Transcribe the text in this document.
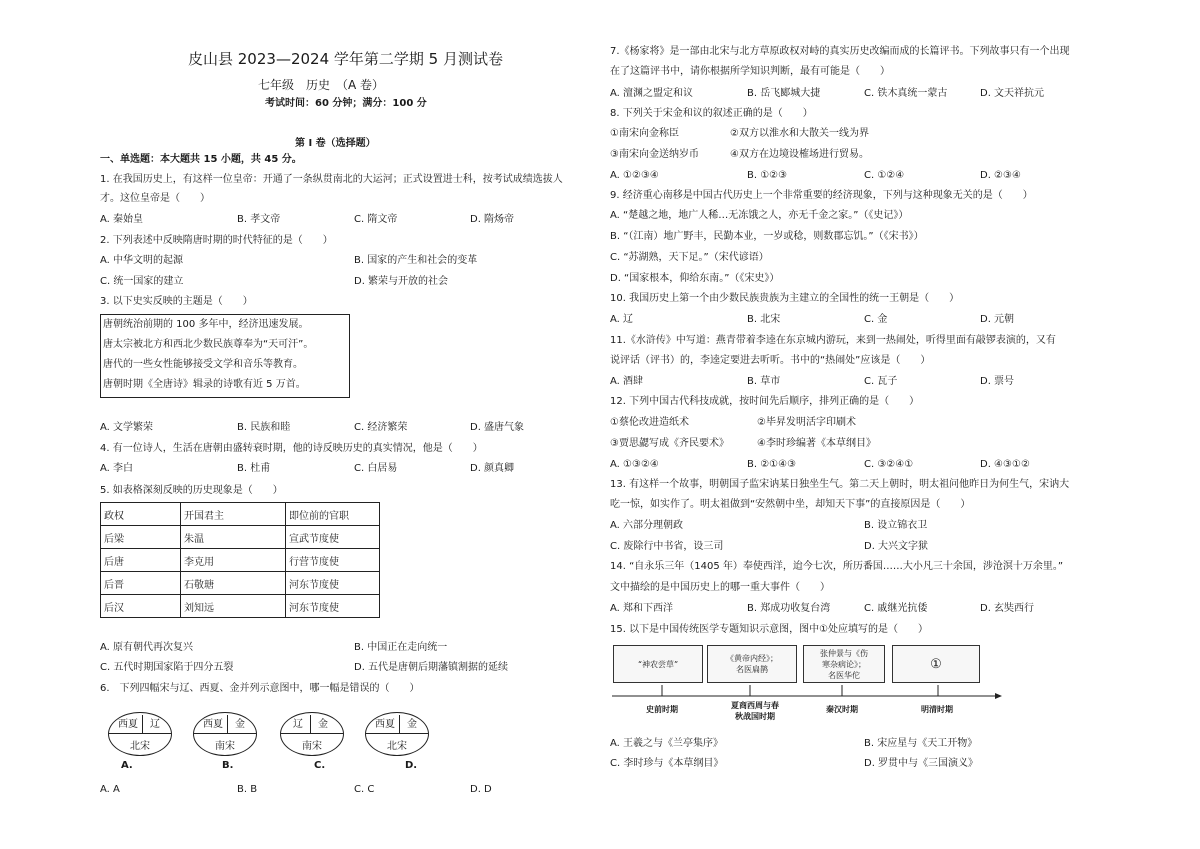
皮山县 2023—2024 学年第二学期 5 月测试卷
七年级　历史　（A 卷）
考试时间：60 分钟；满分：100 分
第 I 卷（选择题）
一、单选题：本大题共 15 小题，共 45 分。
1. 在我国历史上，有这样一位皇帝：开通了一条纵贯南北的大运河；正式设置进士科，按考试成绩选拔人
才。这位皇帝是（　　）
A. 秦始皇	B. 孝文帝	C. 隋文帝	D. 隋炀帝
2. 下列表述中反映隋唐时期的时代特征的是（　　）
A. 中华文明的起源	B. 国家的产生和社会的变革
C. 统一国家的建立	D. 繁荣与开放的社会
3. 以下史实反映的主题是（　　）
唐朝统治前期的 100 多年中，经济迅速发展。
唐太宗被北方和西北少数民族尊奉为“天可汗”。
唐代的一些女性能够接受文学和音乐等教育。
唐朝时期《全唐诗》辑录的诗歌有近 5 万首。
A. 文学繁荣	B. 民族和睦	C. 经济繁荣	D. 盛唐气象
4. 有一位诗人，生活在唐朝由盛转衰时期，他的诗反映历史的真实情况，他是（　　）
A. 李白	B. 杜甫	C. 白居易	D. 颜真卿
5. 如表格深刻反映的历史现象是（　　）
政权	开国君主	即位前的官职
后梁	朱温	宣武节度使
后唐	李克用	行营节度使
后晋	石敬瑭	河东节度使
后汉	刘知远	河东节度使
A. 原有朝代再次复兴	B. 中国正在走向统一
C. 五代时期国家陷于四分五裂	D. 五代是唐朝后期藩镇割据的延续
6.　下列四幅宋与辽、西夏、金并列示意图中，哪一幅是错误的（　　）
西夏	辽
北宋
A.
西夏	金
南宋
B.
辽	金
南宋
C.
西夏	金
北宋
D.
A. A	B. B	C. C	D. D
7.《杨家将》是一部由北宋与北方草原政权对峙的真实历史改编而成的长篇评书。下列故事只有一个出现
在了这篇评书中，请你根据所学知识判断，最有可能是（　　）
A. 澶渊之盟定和议	B. 岳飞郾城大捷	C. 铁木真统一蒙古	D. 文天祥抗元
8. 下列关于宋金和议的叙述正确的是（　　）
①南宋向金称臣	②双方以淮水和大散关一线为界
③南宋向金送纳岁币	④双方在边境设榷场进行贸易。
A. ①②③④	B. ①②③	C. ①②④	D. ②③④
9. 经济重心南移是中国古代历史上一个非常重要的经济现象，下列与这种现象无关的是（　　）
A. “楚越之地，地广人稀…无冻饿之人，亦无千金之家。”（《史记》）
B. “（江南）地广野丰，民勤本业，一岁或稔，则数郡忘饥。”（《宋书》）
C. “苏湖熟，天下足。”（宋代谚语）
D. “国家根本，仰给东南。”（《宋史》）
10. 我国历史上第一个由少数民族贵族为主建立的全国性的统一王朝是（　　）
A. 辽	B. 北宋	C. 金	D. 元朝
11.《水浒传》中写道：燕青带着李逵在东京城内游玩，来到一热闹处，听得里面有敲锣表演的，又有
说评话（评书）的，李逵定要进去听听。书中的“热闹处”应该是（　　）
A. 酒肆	B. 草市	C. 瓦子	D. 票号
12. 下列中国古代科技成就，按时间先后顺序，排列正确的是（　　）
①蔡伦改进造纸术	②毕昇发明活字印刷术
③贾思勰写成《齐民要术》	④李时珍编著《本草纲目》
A. ①③②④	B. ②①④③	C. ③②④①	D. ④③①②
13. 有这样一个故事，明朝国子监宋讷某日独坐生气。第二天上朝时，明太祖问他昨日为何生气，宋讷大
吃一惊，如实作了。明太祖做到“安然朝中坐，却知天下事”的直接原因是（　　）
A. 六部分理朝政	B. 设立锦衣卫
C. 废除行中书省，设三司	D. 大兴文字狱
14. “自永乐三年（1405 年）奉使西洋，迨今七次，所历番国……大小凡三十余国，涉沧溟十万余里。”
文中描绘的是中国历史上的哪一重大事件（　　）
A. 郑和下西洋	B. 郑成功收复台湾	C. 戚继光抗倭	D. 玄奘西行
15. 以下是中国传统医学专题知识示意图，图中①处应填写的是（　　）
“神农尝草”
《黄帝内经》；
名医扁鹊
张仲景与《伤
寒杂病论》；
名医华佗
①
史前时期	夏商西周与春
秋战国时期
秦汉时期	明清时期
A. 王羲之与《兰亭集序》	B. 宋应星与《天工开物》
C. 李时珍与《本草纲目》	D. 罗贯中与《三国演义》
